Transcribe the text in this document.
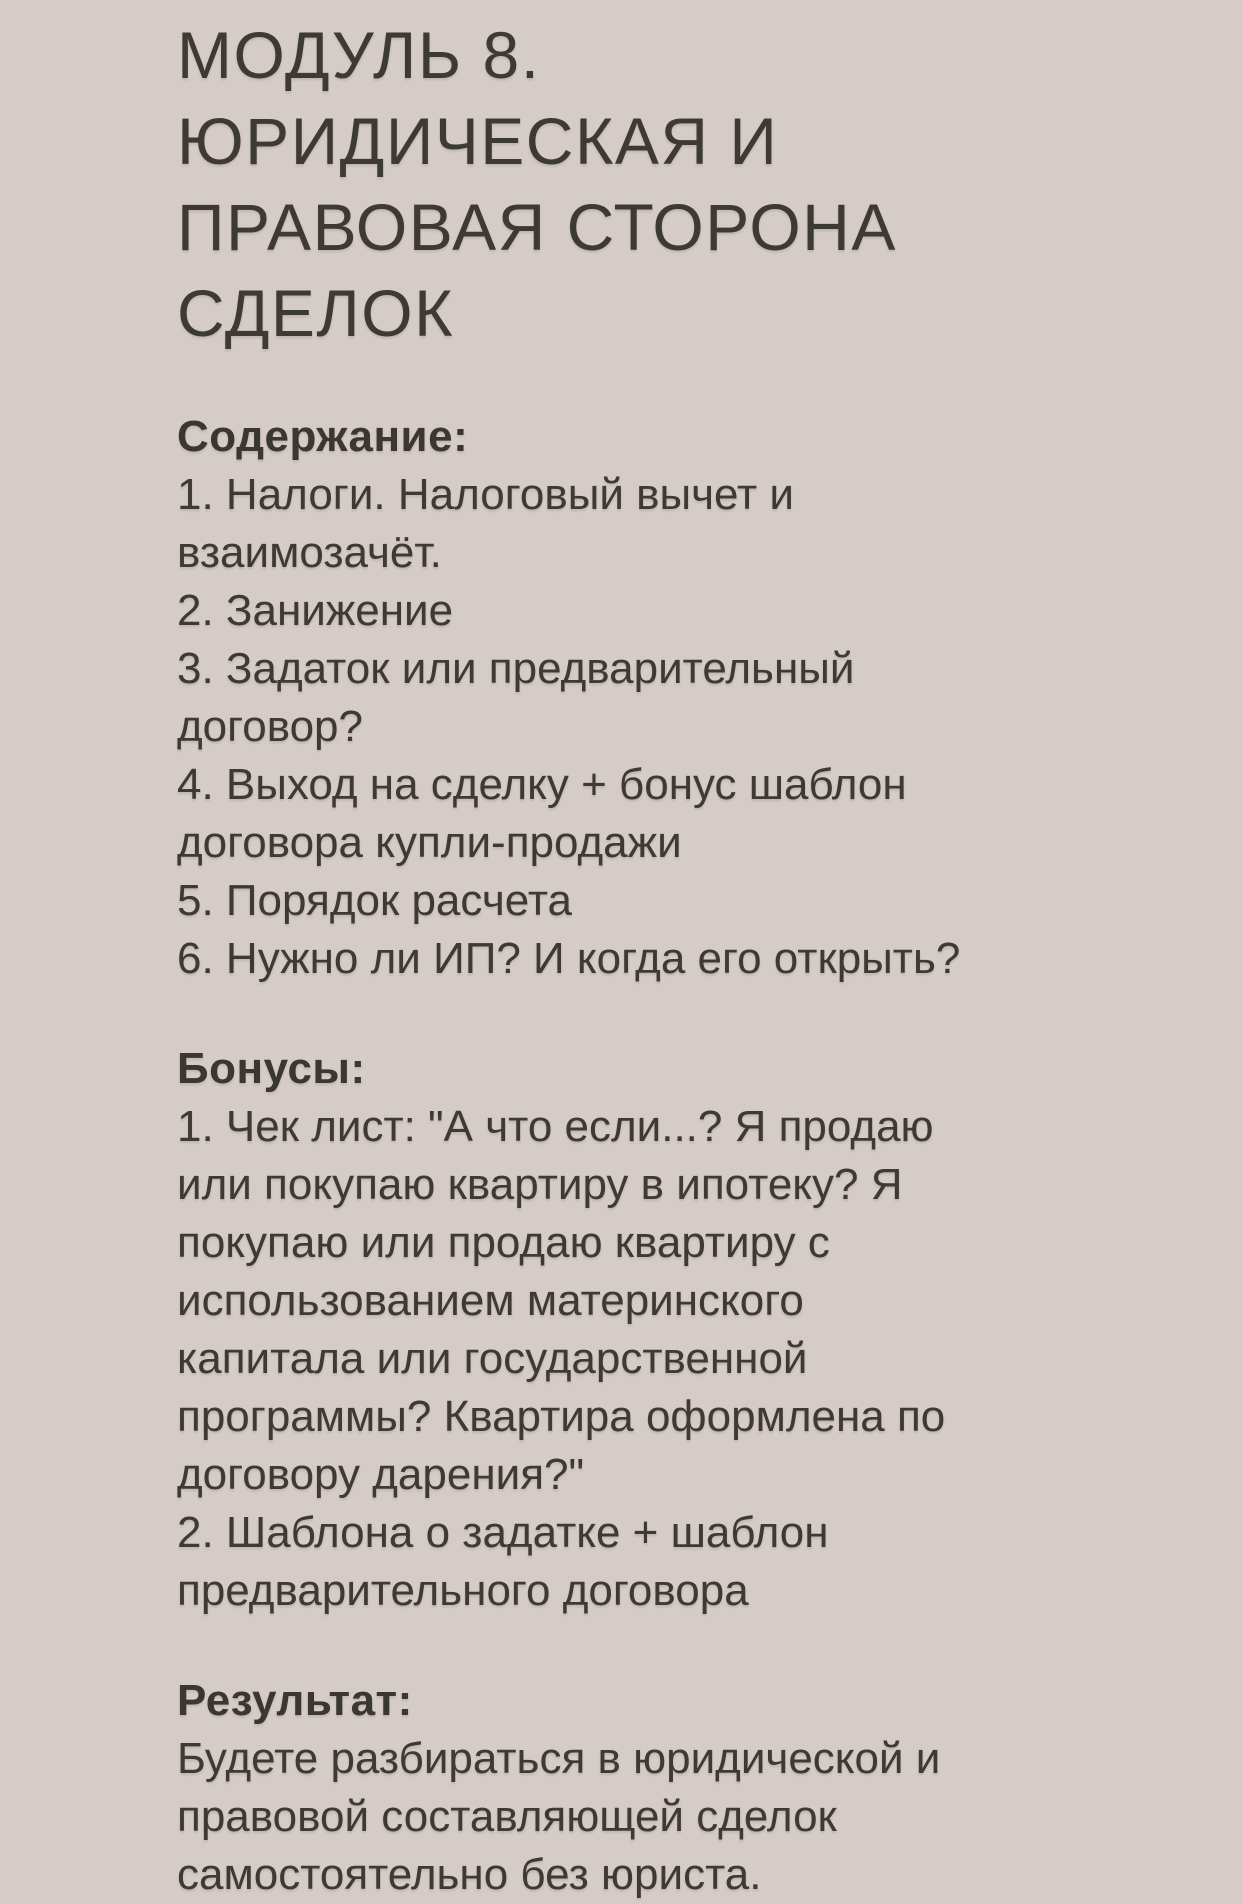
МОДУЛЬ 8.
ЮРИДИЧЕСКАЯ И
ПРАВОВАЯ СТОРОНА
СДЕЛОК
Содержание:
1. Налоги. Налоговый вычет и
взаимозачёт.
2. Занижение
3. Задаток или предварительный
договор?
4. Выход на сделку + бонус шаблон
договора купли-продажи
5. Порядок расчета
6. Нужно ли ИП? И когда его открыть?
Бонусы:
1. Чек лист: "А что если...? Я продаю
или покупаю квартиру в ипотеку? Я
покупаю или продаю квартиру с
использованием материнского
капитала или государственной
программы? Квартира оформлена по
договору дарения?"
2. Шаблона о задатке + шаблон
предварительного договора
Результат:
Будете разбираться в юридической и
правовой составляющей сделок
самостоятельно без юриста.
